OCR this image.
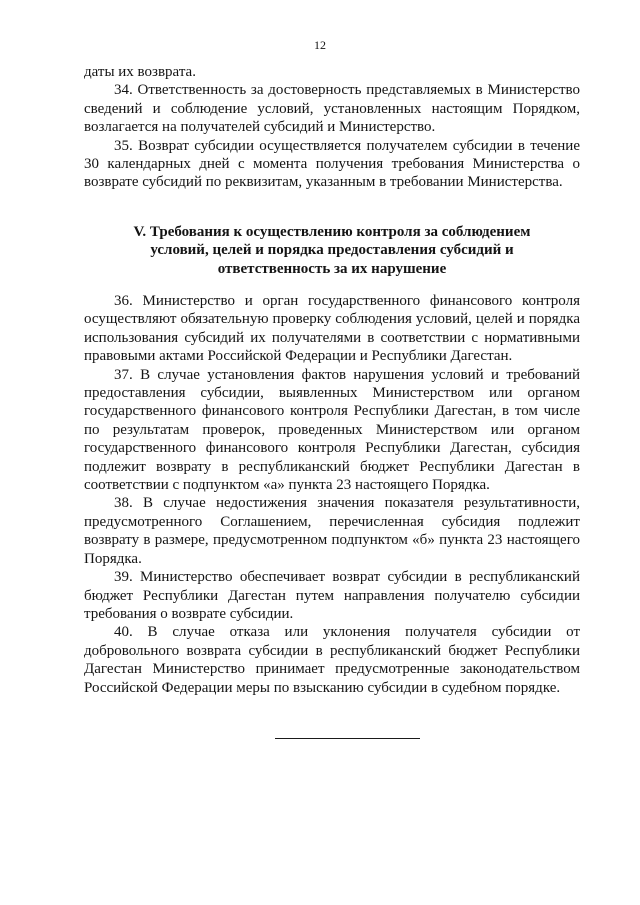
12

даты их возврата.

34. Ответственность за достоверность представляемых в Министерство сведений и соблюдение условий, установленных настоящим Порядком, возлагается на получателей субсидий и Министерство.

35. Возврат субсидии осуществляется получателем субсидии в течение 30 календарных дней с момента получения требования Министерства о возврате субсидий по реквизитам, указанным в требовании Министерства.

V. Требования к осуществлению контроля за соблюдением
условий, целей и порядка предоставления субсидий и
ответственность за их нарушение

36. Министерство и орган государственного финансового контроля осуществляют обязательную проверку соблюдения условий, целей и порядка использования субсидий их получателями в соответствии с нормативными правовыми актами Российской Федерации и Республики Дагестан.

37. В случае установления фактов нарушения условий и требований предоставления субсидии, выявленных Министерством или органом государственного финансового контроля Республики Дагестан, в том числе по результатам проверок, проведенных Министерством или органом государственного финансового контроля Республики Дагестан, субсидия подлежит возврату в республиканский бюджет Республики Дагестан в соответствии с подпунктом «а» пункта 23 настоящего Порядка.

38. В случае недостижения значения показателя результативности, предусмотренного Соглашением, перечисленная субсидия подлежит возврату в размере, предусмотренном подпунктом «б» пункта 23 настоящего Порядка.

39. Министерство обеспечивает возврат субсидии в республиканский бюджет Республики Дагестан путем направления получателю субсидии требования о возврате субсидии.

40. В случае отказа или уклонения получателя субсидии от добровольного возврата субсидии в республиканский бюджет Республики Дагестан Министерство принимает предусмотренные законодательством Российской Федерации меры по взысканию субсидии в судебном порядке.
